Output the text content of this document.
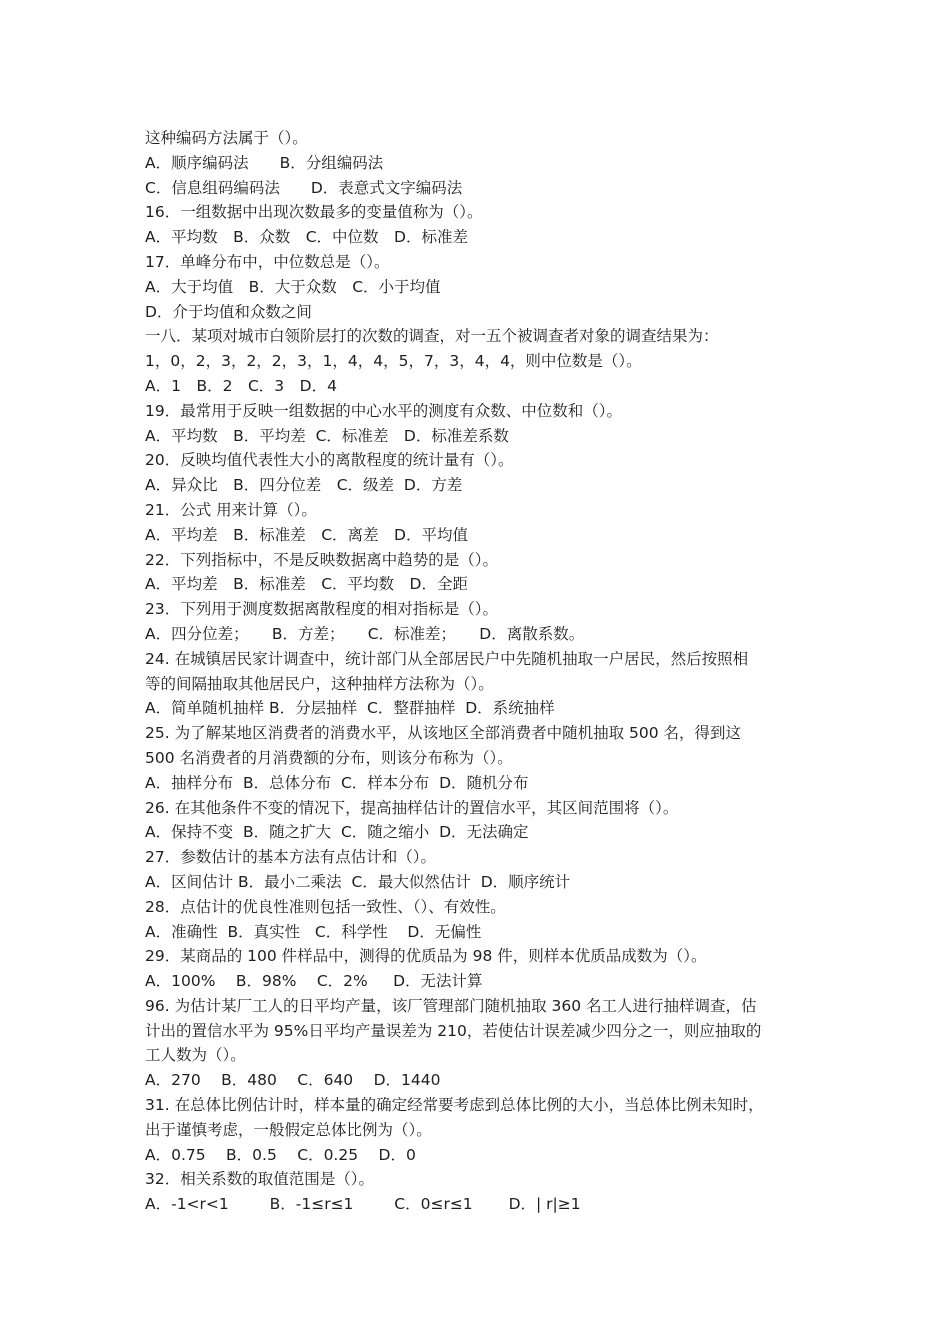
这种编码方法属于（）。
A．顺序编码法　　B．分组编码法
C．信息组码编码法　　D．表意式文字编码法
16．一组数据中出现次数最多的变量值称为（）。
A．平均数　B．众数　C．中位数　D．标准差
17．单峰分布中，中位数总是（）。
A．大于均值　B．大于众数　C．小于均值
D．介于均值和众数之间
一八．某项对城市白领阶层打的次数的调查，对一五个被调查者对象的调查结果为：
1，0，2，3，2，2，3，1，4，4，5，7，3，4，4，则中位数是（）。
A．1　B．2　C．3　D．4
19．最常用于反映一组数据的中心水平的测度有众数、中位数和（）。
A．平均数　B．平均差  C．标准差　D．标准差系数
20．反映均值代表性大小的离散程度的统计量有（）。
A．异众比　B．四分位差　C．级差  D．方差
21．公式 用来计算（）。
A．平均差　B．标准差　C．离差　D．平均值
22．下列指标中，不是反映数据离中趋势的是（）。
A．平均差　B．标准差　C．平均数　D．全距
23．下列用于测度数据离散程度的相对指标是（）。
A．四分位差；　　B．方差；　　C．标准差；　　D．离散系数。
24. 在城镇居民家计调查中，统计部门从全部居民户中先随机抽取一户居民，然后按照相
等的间隔抽取其他居民户，这种抽样方法称为（）。
A．简单随机抽样 B．分层抽样  C．整群抽样  D．系统抽样
25. 为了解某地区消费者的消费水平，从该地区全部消费者中随机抽取 500 名，得到这
500 名消费者的月消费额的分布，则该分布称为（）。
A．抽样分布  B．总体分布  C．样本分布  D．随机分布
26. 在其他条件不变的情况下，提高抽样估计的置信水平，其区间范围将（）。
A．保持不变  B．随之扩大  C．随之缩小  D．无法确定
27．参数估计的基本方法有点估计和（）。
A．区间估计 B．最小二乘法  C．最大似然估计  D．顺序统计
28．点估计的优良性准则包括一致性、（）、有效性。
A．准确性  B．真实性   C．科学性    D．无偏性
29．某商品的 100 件样品中，测得的优质品为 98 件，则样本优质品成数为（）。
A．100%　 B．98%　 C．2%　  D．无法计算
96. 为估计某厂工人的日平均产量，该厂管理部门随机抽取 360 名工人进行抽样调查，估
计出的置信水平为 95%日平均产量误差为 210，若使估计误差减少四分之一，则应抽取的
工人数为（）。
A．270　 B．480　 C．640　 D．1440
31. 在总体比例估计时，样本量的确定经常要考虑到总体比例的大小，当总体比例未知时，
出于谨慎考虑，一般假定总体比例为（）。
A．0.75　 B．0.5　 C．0.25　 D．0
32．相关系数的取值范围是（）。
A．-1<r<1　　  B．-1≤r≤1　　  C．0≤r≤1　　 D．| r|≥1
